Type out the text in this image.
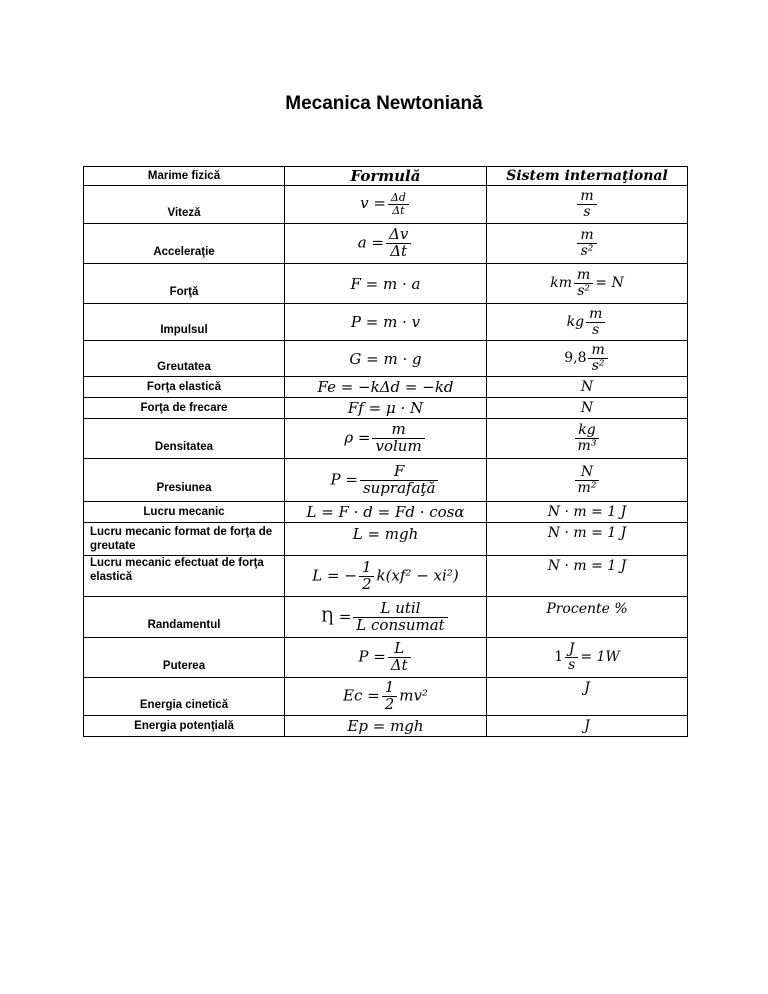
Mecanica Newtoniană
Marime fizică	Formulă	Sistem internaţional

Viteză	$v = \frac{\Delta d}{\Delta t}$	$\frac{m}{s}$

Acceleraţie	$a = \frac{\Delta v}{\Delta t}$	$\frac{m}{\text{s²}}$

Forţă	F = m · a	km $\frac{m}{\text{s²}} = N$

Impulsul	P = m · v	kg $\frac{m}{s}$

Greutatea	G = m · g	$9,8 \frac{m}{\text{s²}}$

Forţa elastică	Fe = −kΔd = −kd	N
Forţa de frecare	Ff = μ · N	N

Densitatea	$\rho = \frac{m}{\text{volum}}$	$\frac{kg}{\text{m³}}$

Presiunea	$P = \frac{F}{\text{suprafaţă}}$	$\frac{N}{\text{m²}}$

Lucru mecanic	L = F · d = Fd · cosα	N · m = 1 J

Lucru mecanic format de forţa de greutate	L = mgh	N · m = 1 J

Lucru mecanic efectuat de forţa elastică	L = − $\frac{1}{2} k(xf^2 - xi^2)$	N · m = 1 J

Randamentul	Ƞ = $\frac{\text{L util}}{\text{L consumat}}$	Procente %

Puterea	$P = \frac{L}{\Delta t}$	$1 \frac{J}{s} = 1W$

Energia cinetică	$Ec = \frac{1}{2} mv^2$	J
Energia potenţială	Ep = mgh	J
